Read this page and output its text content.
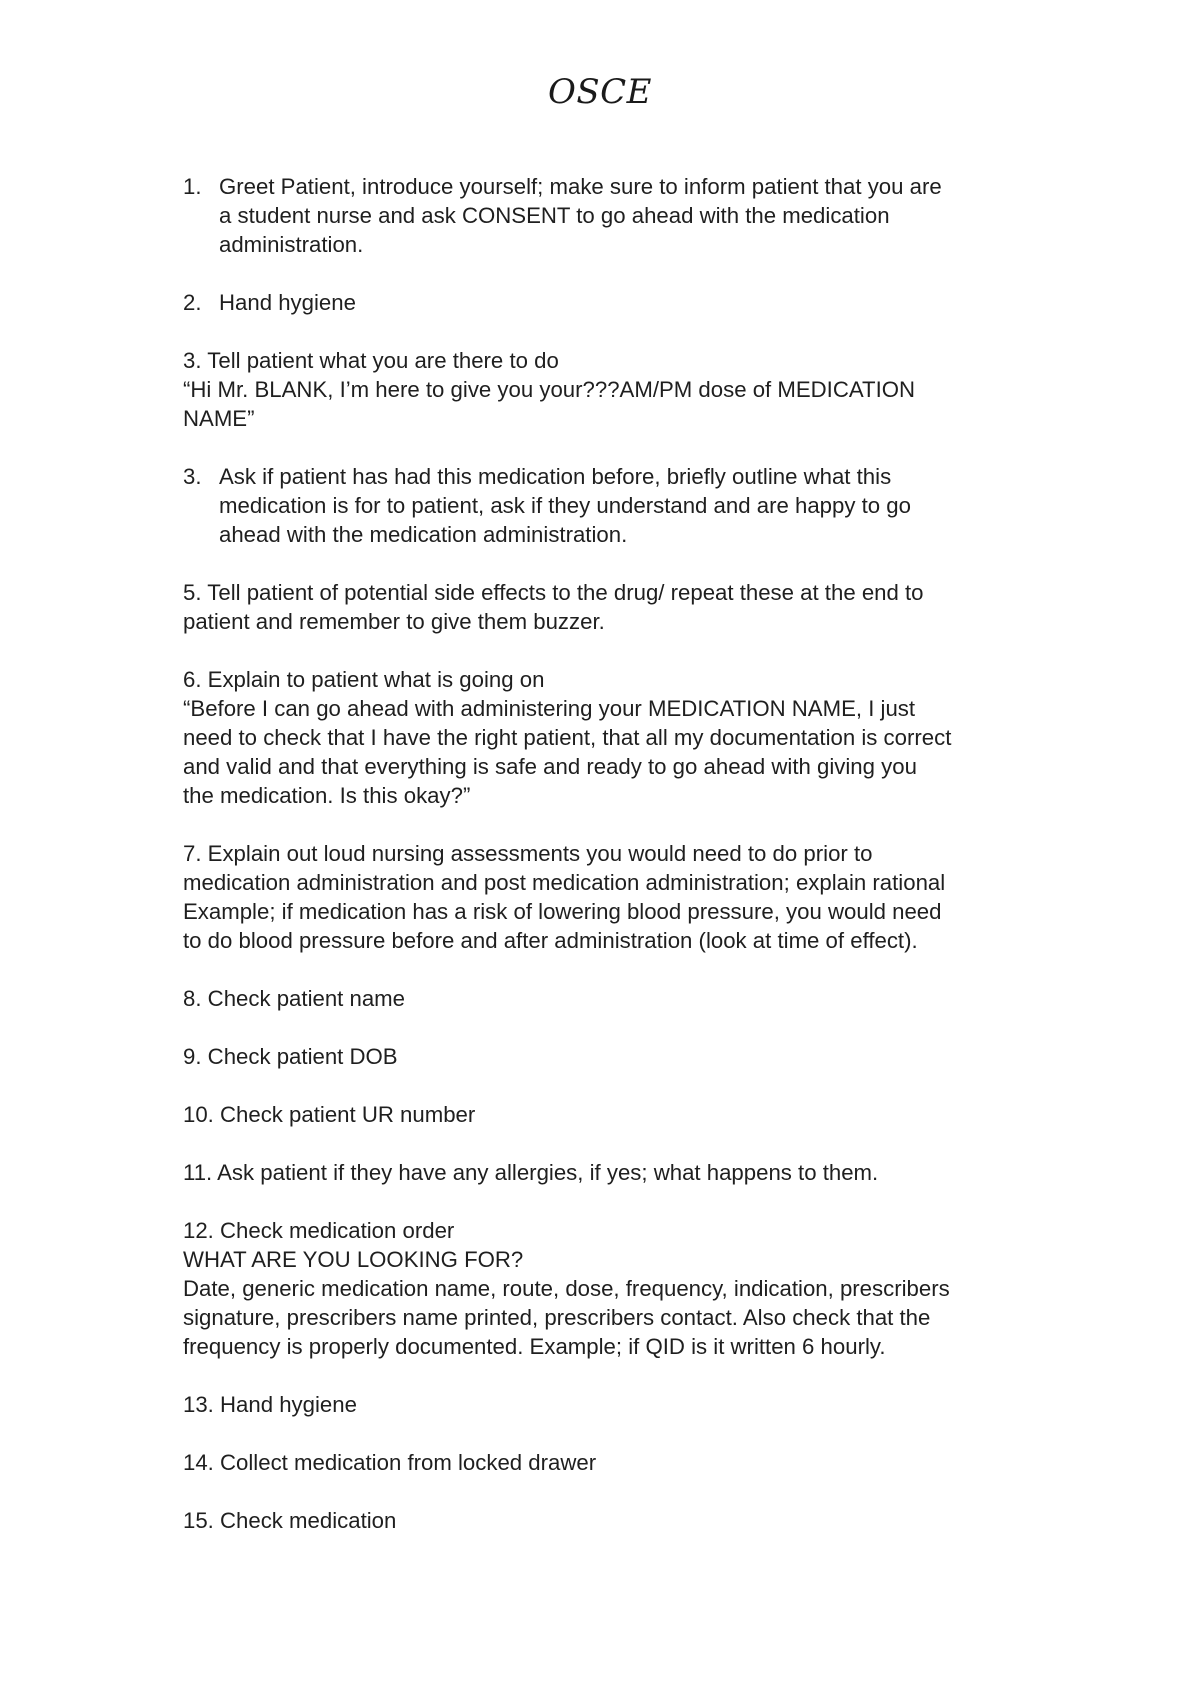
OSCE
1. Greet Patient, introduce yourself; make sure to inform patient that you are
a student nurse and ask CONSENT to go ahead with the medication
administration.
2. Hand hygiene
3. Tell patient what you are there to do
“Hi Mr. BLANK, I’m here to give you your???AM/PM dose of MEDICATION
NAME”
3. Ask if patient has had this medication before, briefly outline what this
medication is for to patient, ask if they understand and are happy to go
ahead with the medication administration.
5. Tell patient of potential side effects to the drug/ repeat these at the end to
patient and remember to give them buzzer.
6. Explain to patient what is going on
“Before I can go ahead with administering your MEDICATION NAME, I just
need to check that I have the right patient, that all my documentation is correct
and valid and that everything is safe and ready to go ahead with giving you
the medication. Is this okay?”
7. Explain out loud nursing assessments you would need to do prior to
medication administration and post medication administration; explain rational
Example; if medication has a risk of lowering blood pressure, you would need
to do blood pressure before and after administration (look at time of effect).
8. Check patient name
9. Check patient DOB
10. Check patient UR number
11. Ask patient if they have any allergies, if yes; what happens to them.
12. Check medication order
WHAT ARE YOU LOOKING FOR?
Date, generic medication name, route, dose, frequency, indication, prescribers
signature, prescribers name printed, prescribers contact. Also check that the
frequency is properly documented. Example; if QID is it written 6 hourly.
13. Hand hygiene
14. Collect medication from locked drawer
15. Check medication
